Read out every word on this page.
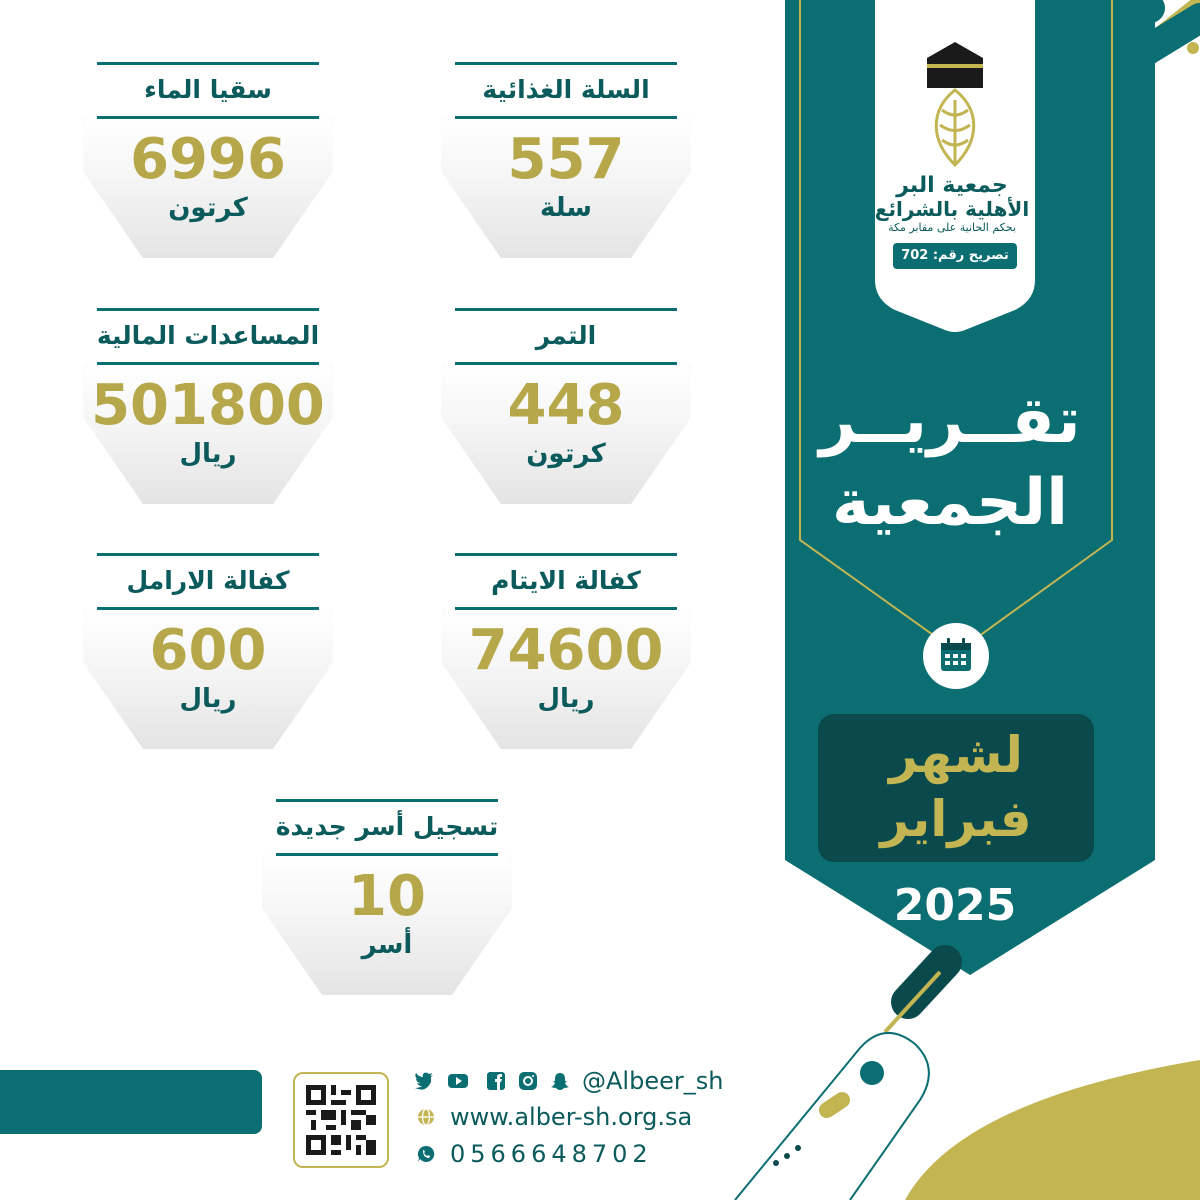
جمعية البر
الأهلية بالشرائع
بحكم الحانية على مقابر مكة
تصريح رقم: 702
تقــريــر
الجمعية
لشهر
فبراير
2025
السلة الغذائية
557
سلة
سقيا الماء
6996
كرتون
التمر
448
كرتون
المساعدات المالية
501800
ريال
كفالة الايتام
74600
ريال
كفالة الارامل
600
ريال
تسجيل أسر جديدة
10
أسر
@Albeer_sh
www.alber-sh.org.sa
0566648702
